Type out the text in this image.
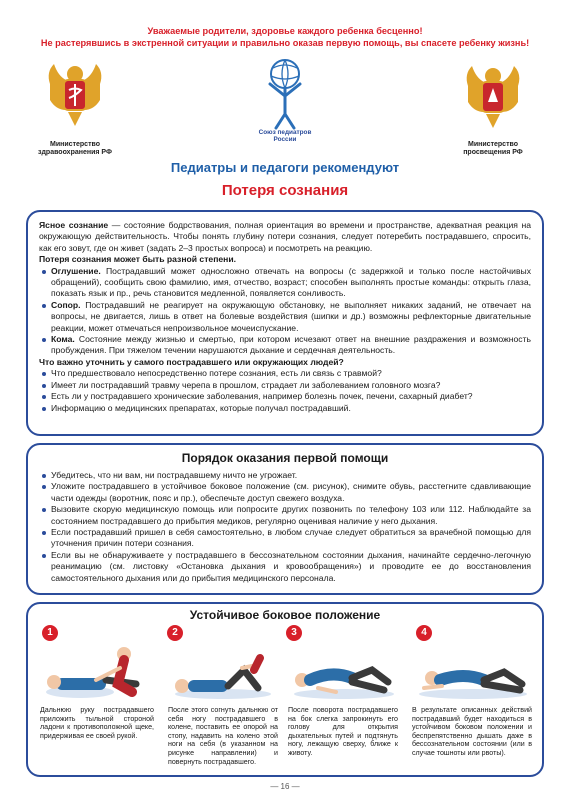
Уважаемые родители, здоровье каждого ребенка бесценно!
Не растерявшись в экстренной ситуации и правильно оказав первую помощь, вы спасете ребенку жизнь!
Министерство здравоохранения РФ
Союз педиатров России
Министерство просвещения РФ
Педиатры и педагоги рекомендуют
Потеря сознания
Ясное сознание — состояние бодрствования, полная ориентация во времени и пространстве, адекватная реакция на окружающую действительность. Чтобы понять глубину потери сознания, следует потеребить пострадавшего, спросить, как его зовут, где он живет (задать 2–3 простых вопроса) и посмотреть на реакцию.
Потеря сознания может быть разной степени.
Оглушение. Пострадавший может односложно отвечать на вопросы (с задержкой и только после настойчивых обращений), сообщить свою фамилию, имя, отчество, возраст; способен выполнять простые команды: открыть глаза, показать язык и пр., речь становится медленной, появляется сонливость.
Сопор. Пострадавший не реагирует на окружающую обстановку, не выполняет никаких заданий, не отвечает на вопросы, не двигается, лишь в ответ на болевые воздействия (шипки и др.) возможны рефлекторные двигательные реакции, может отмечаться непроизвольное мочеиспускание.
Кома. Состояние между жизнью и смертью, при котором исчезают ответ на внешние раздражения и возможность пробуждения. При тяжелом течении нарушаются дыхание и сердечная деятельность.
Что важно уточнить у самого пострадавшего или окружающих людей?
Что предшествовало непосредственно потере сознания, есть ли связь с травмой?
Имеет ли пострадавший травму черепа в прошлом, страдает ли заболеванием головного мозга?
Есть ли у пострадавшего хронические заболевания, например болезнь почек, печени, сахарный диабет?
Информацию о медицинских препаратах, которые получал пострадавший.
Порядок оказания первой помощи
Убедитесь, что ни вам, ни пострадавшему ничто не угрожает.
Уложите пострадавшего в устойчивое боковое положение (см. рисунок), снимите обувь, расстегните сдавливающие части одежды (воротник, пояс и пр.), обеспечьте доступ свежего воздуха.
Вызовите скорую медицинскую помощь или попросите других позвонить по телефону 103 или 112. Наблюдайте за состоянием пострадавшего до прибытия медиков, регулярно оценивая наличие у него дыхания.
Если пострадавший пришел в себя самостоятельно, в любом случае следует обратиться за врачебной помощью для уточнения причин потери сознания.
Если вы не обнаруживаете у пострадавшего в бессознательном состоянии дыхания, начинайте сердечно-легочную реанимацию (см. листовку «Остановка дыхания и кровообращения») и проводите ее до восстановления самостоятельного дыхания или до прибытия медицинского персонала.
Устойчивое боковое положение
1
Дальнюю руку пострадавшего приложить тыльной стороной ладони к противоположной щеке, придерживая ее своей рукой.
2
После этого согнуть дальнюю от себя ногу пострадавшего в колене, поставить ее опорой на стопу, надавить на колено этой ноги на себя (в указанном на рисунке направлении) и повернуть пострадавшего.
3
После поворота пострадавшего на бок слегка запрокинуть его голову для открытия дыхательных путей и подтянуть ногу, лежащую сверху, ближе к животу.
4
В результате описанных действий пострадавший будет находиться в устойчивом боковом положении и беспрепятственно дышать даже в бессознательном состоянии (или в случае тошноты или рвоты).
— 16 —
